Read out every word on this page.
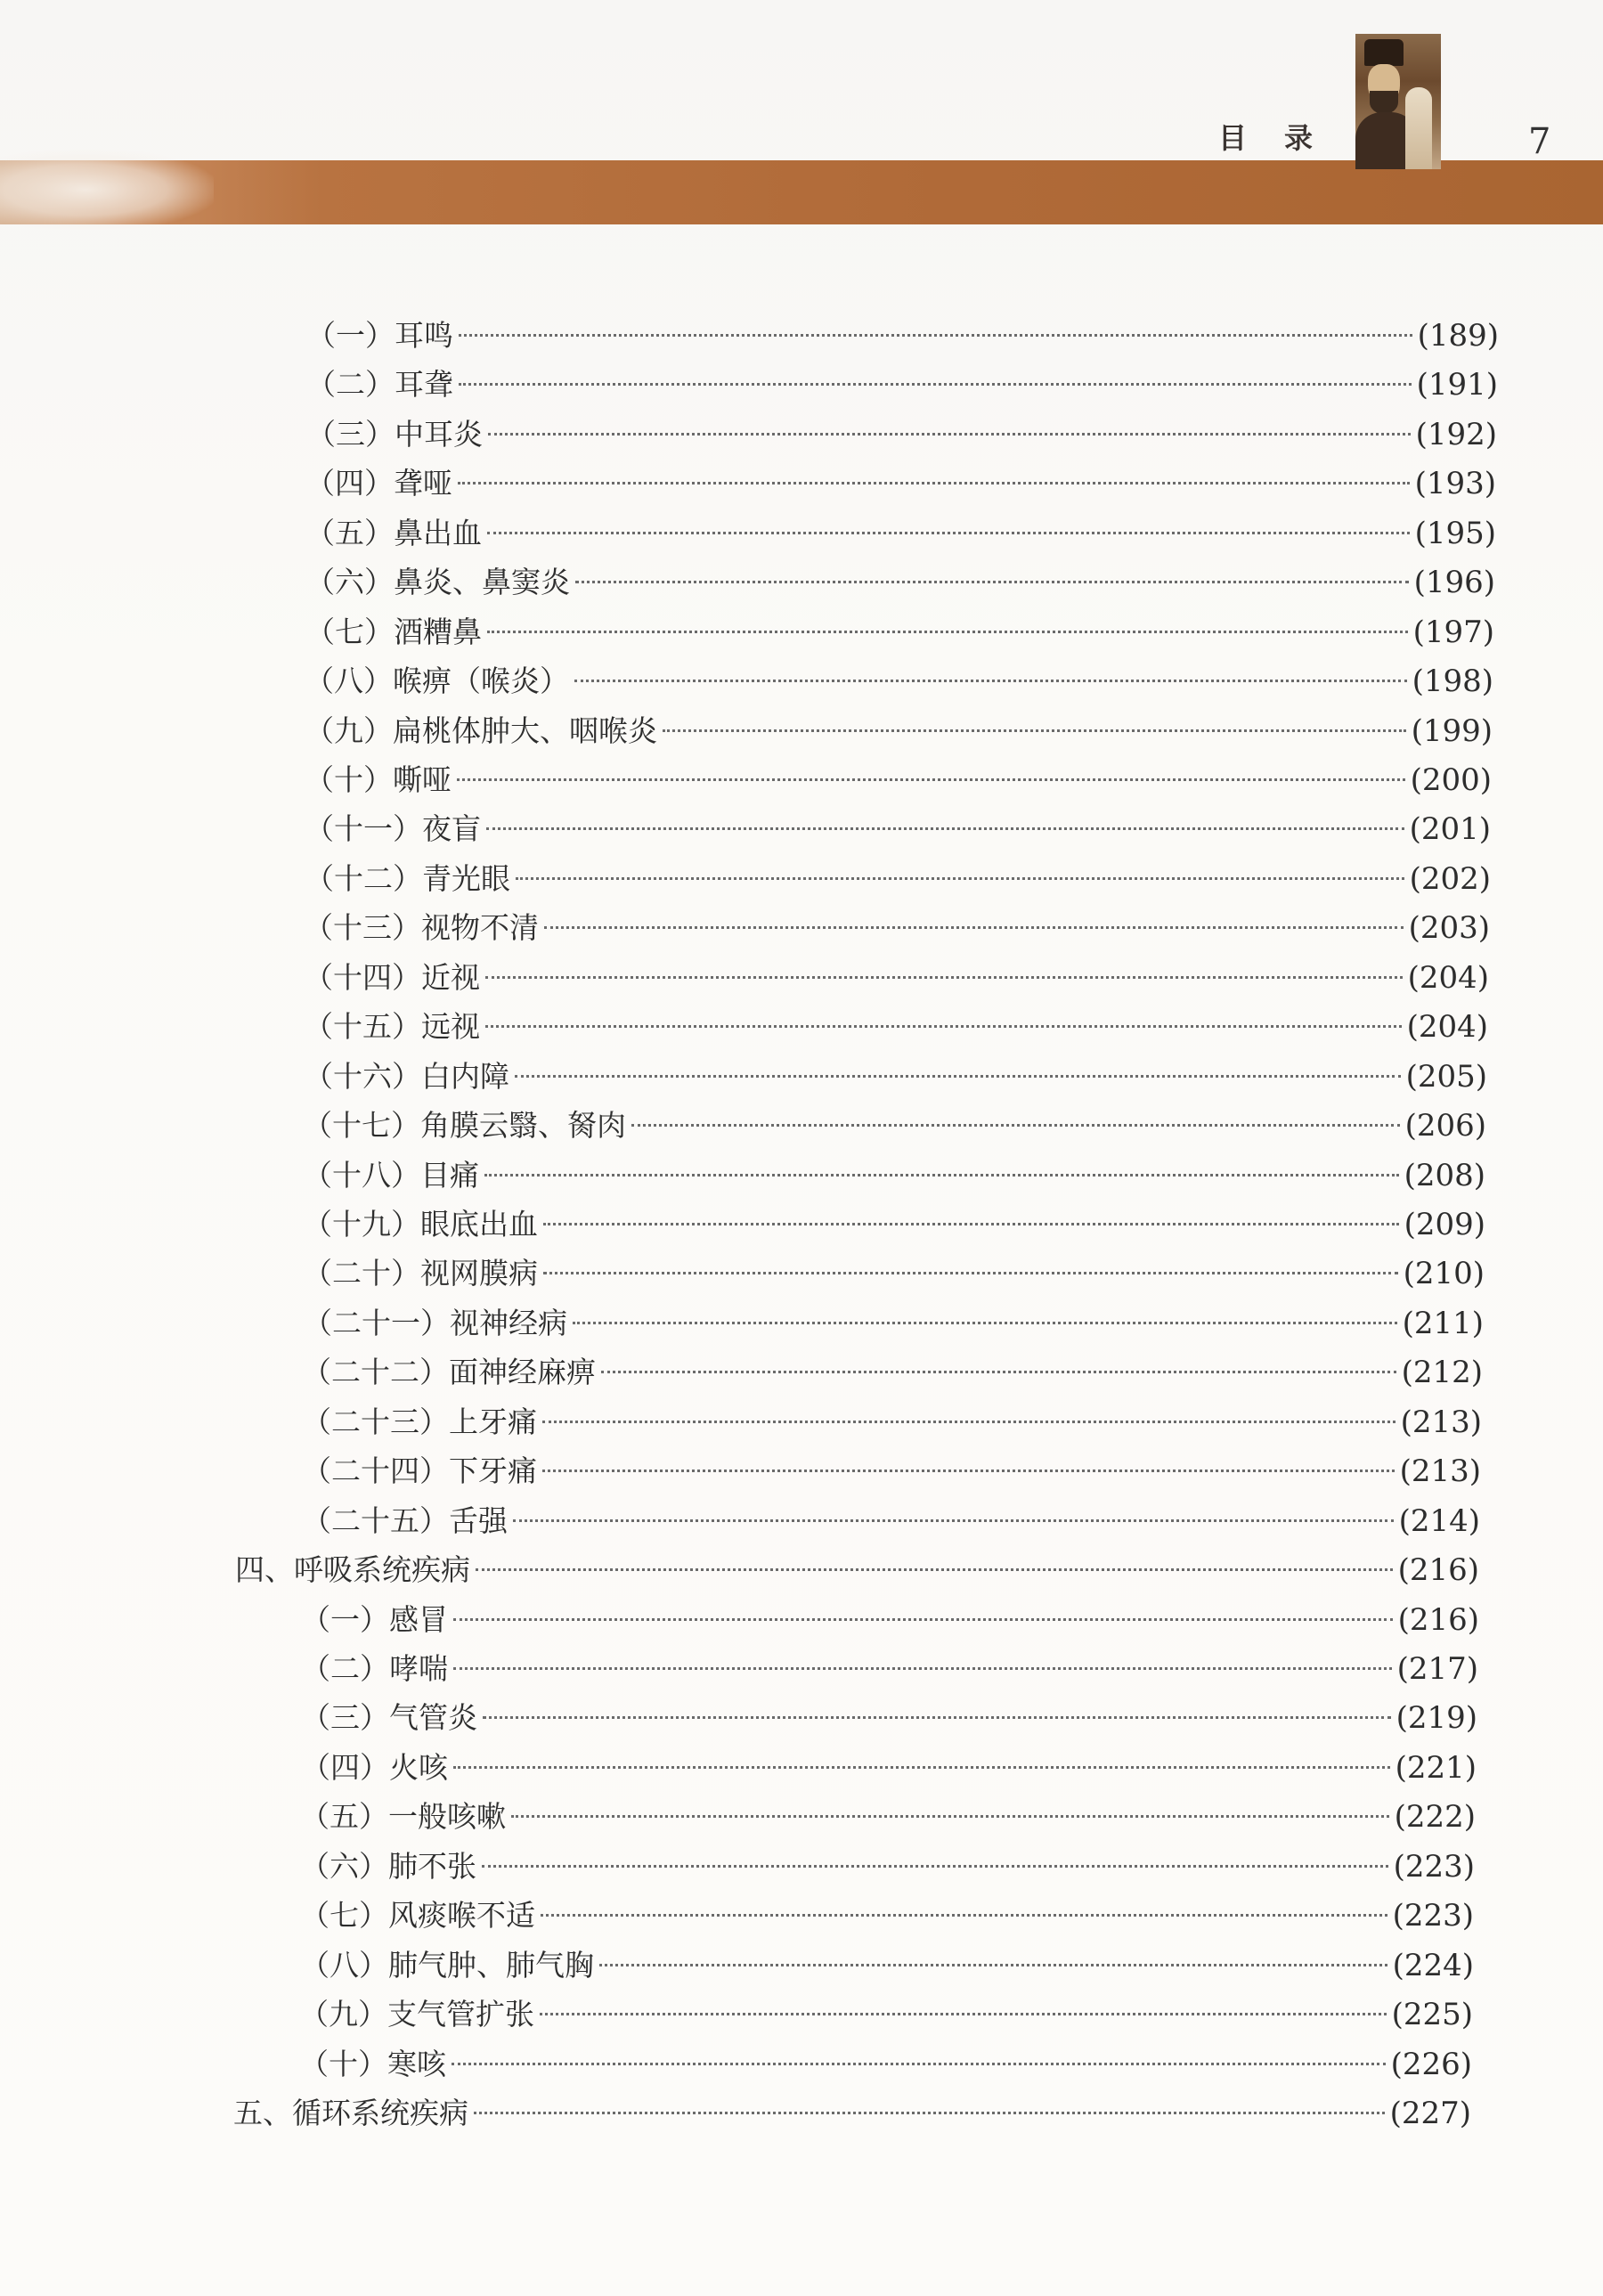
目录	7
（一）耳鸣	(189)
（二）耳聋	(191)
（三）中耳炎	(192)
（四）聋哑	(193)
（五）鼻出血	(195)
（六）鼻炎、鼻窦炎	(196)
（七）酒糟鼻	(197)
（八）喉痹（喉炎）	(198)
（九）扁桃体肿大、咽喉炎	(199)
（十）嘶哑	(200)
（十一）夜盲	(201)
（十二）青光眼	(202)
（十三）视物不清	(203)
（十四）近视	(204)
（十五）远视	(204)
（十六）白内障	(205)
（十七）角膜云翳、胬肉	(206)
（十八）目痛	(208)
（十九）眼底出血	(209)
（二十）视网膜病	(210)
（二十一）视神经病	(211)
（二十二）面神经麻痹	(212)
（二十三）上牙痛	(213)
（二十四）下牙痛	(213)
（二十五）舌强	(214)
四、呼吸系统疾病	(216)
（一）感冒	(216)
（二）哮喘	(217)
（三）气管炎	(219)
（四）火咳	(221)
（五）一般咳嗽	(222)
（六）肺不张	(223)
（七）风痰喉不适	(223)
（八）肺气肿、肺气胸	(224)
（九）支气管扩张	(225)
（十）寒咳	(226)
五、循环系统疾病	(227)
